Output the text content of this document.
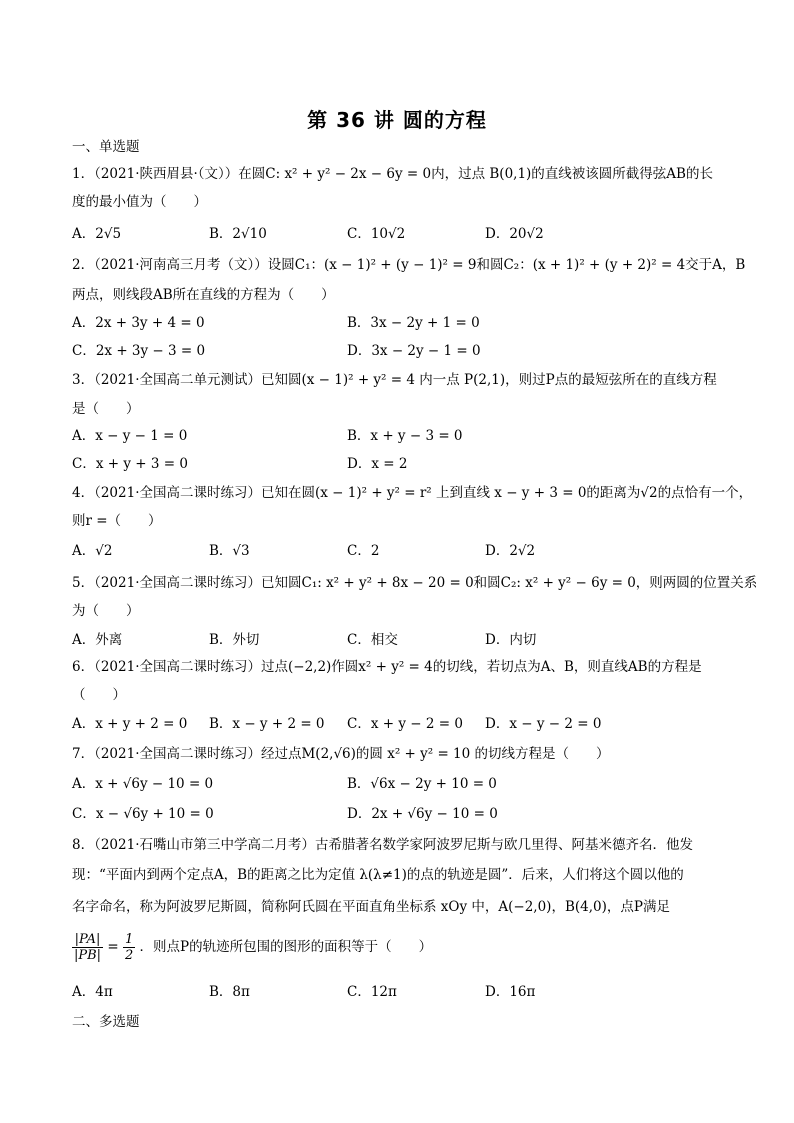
第 36 讲 圆的方程
一、单选题
1．（2021·陕西眉县·（文））在圆C: x² + y² − 2x − 6y = 0内，过点 B(0,1)的直线被该圆所截得弦AB的长
度的最小值为（　　）
A．2√5	B．2√10	C．10√2	D．20√2
2．（2021·河南高三月考（文））设圆C₁：(x − 1)² + (y − 1)² = 9和圆C₂：(x + 1)² + (y + 2)² = 4交于A，B
两点，则线段AB所在直线的方程为（　　）
A．2x + 3y + 4 = 0	B．3x − 2y + 1 = 0
C．2x + 3y − 3 = 0	D．3x − 2y − 1 = 0
3．（2021·全国高二单元测试）已知圆(x − 1)² + y² = 4 内一点 P(2,1)，则过P点的最短弦所在的直线方程
是（　　）
A．x − y − 1 = 0	B．x + y − 3 = 0
C．x + y + 3 = 0	D．x = 2
4．（2021·全国高二课时练习）已知在圆(x − 1)² + y² = r² 上到直线 x − y + 3 = 0的距离为√2的点恰有一个，
则r =（　　）
A．√2	B．√3	C．2	D．2√2
5．（2021·全国高二课时练习）已知圆C₁: x² + y² + 8x − 20 = 0和圆C₂: x² + y² − 6y = 0，则两圆的位置关系
为（　　）
A．外离	B．外切	C．相交	D．内切
6．（2021·全国高二课时练习）过点(−2,2)作圆x² + y² = 4的切线，若切点为A、B，则直线AB的方程是
（　　）
A．x + y + 2 = 0 B．x − y + 2 = 0 C．x + y − 2 = 0 D．x − y − 2 = 0
7．（2021·全国高二课时练习）经过点M(2,√6)的圆 x² + y² = 10 的切线方程是（　　）
A．x + √6y − 10 = 0	B．√6x − 2y + 10 = 0
C．x − √6y + 10 = 0	D．2x + √6y − 10 = 0
8．（2021·石嘴山市第三中学高二月考）古希腊著名数学家阿波罗尼斯与欧几里得、阿基米德齐名．他发
现：“平面内到两个定点A，B的距离之比为定值 λ(λ≠1)的点的轨迹是圆”．后来，人们将这个圆以他的
名字命名，称为阿波罗尼斯圆，简称阿氏圆在平面直角坐标系 xOy 中，A(−2,0)，B(4,0)，点P满足
$\frac{|PA|}{|PB|} = \frac{1}{2}$ ．则点P的轨迹所包围的图形的面积等于（　　）
A．4π	B．8π	C．12π	D．16π
二、多选题
